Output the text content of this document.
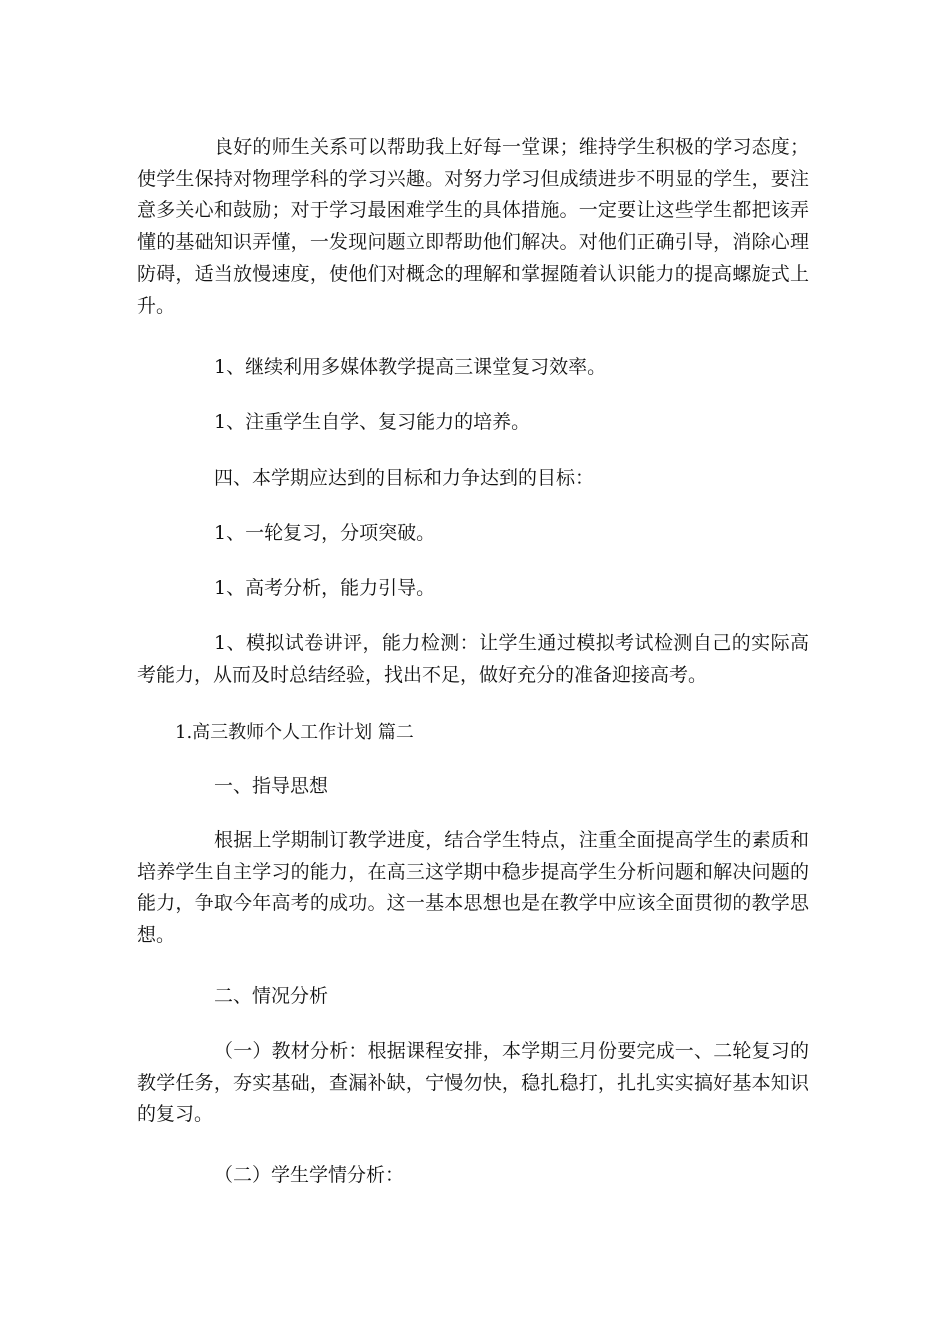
良好的师生关系可以帮助我上好每一堂课；维持学生积极的学习态度；使学生保持对物理学科的学习兴趣。对努力学习但成绩进步不明显的学生，要注意多关心和鼓励；对于学习最困难学生的具体措施。一定要让这些学生都把该弄懂的基础知识弄懂，一发现问题立即帮助他们解决。对他们正确引导，消除心理防碍，适当放慢速度，使他们对概念的理解和掌握随着认识能力的提高螺旋式上升。

1、继续利用多媒体教学提高三课堂复习效率。

1、注重学生自学、复习能力的培养。

四、本学期应达到的目标和力争达到的目标：

1、一轮复习，分项突破。

1、高考分析，能力引导。

1、模拟试卷讲评，能力检测：让学生通过模拟考试检测自己的实际高考能力，从而及时总结经验，找出不足，做好充分的准备迎接高考。

1.高三教师个人工作计划 篇二

一、指导思想

根据上学期制订教学进度，结合学生特点，注重全面提高学生的素质和培养学生自主学习的能力，在高三这学期中稳步提高学生分析问题和解决问题的能力，争取今年高考的成功。这一基本思想也是在教学中应该全面贯彻的教学思想。

二、情况分析

（一）教材分析：根据课程安排，本学期三月份要完成一、二轮复习的教学任务，夯实基础，查漏补缺，宁慢勿快，稳扎稳打，扎扎实实搞好基本知识的复习。

（二）学生学情分析：
